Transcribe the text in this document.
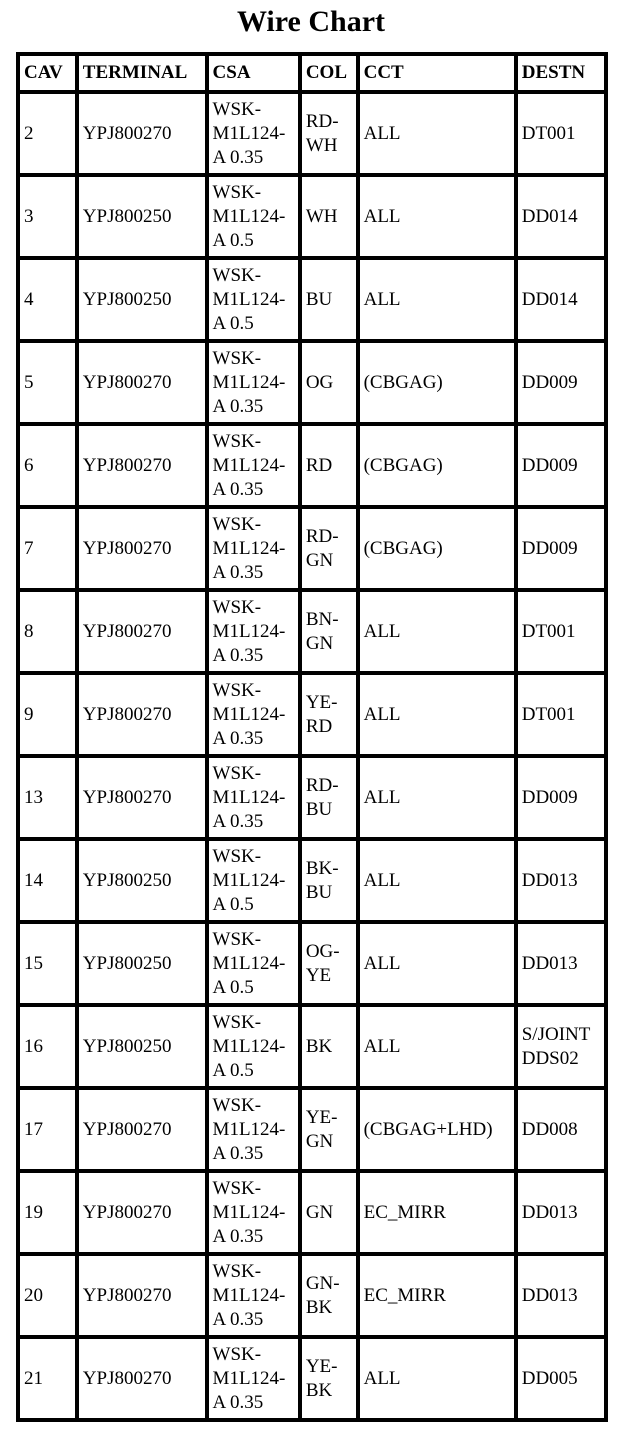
Wire Chart
CAV	TERMINAL	CSA	COL	CCT	DESTN
2	YPJ800270	WSK-
M1L124-
A 0.35	RD-
WH	ALL	DT001
3	YPJ800250	WSK-
M1L124-
A 0.5	WH	ALL	DD014
4	YPJ800250	WSK-
M1L124-
A 0.5	BU	ALL	DD014
5	YPJ800270	WSK-
M1L124-
A 0.35	OG	(CBGAG)	DD009
6	YPJ800270	WSK-
M1L124-
A 0.35	RD	(CBGAG)	DD009
7	YPJ800270	WSK-
M1L124-
A 0.35	RD-
GN	(CBGAG)	DD009
8	YPJ800270	WSK-
M1L124-
A 0.35	BN-
GN	ALL	DT001
9	YPJ800270	WSK-
M1L124-
A 0.35	YE-
RD	ALL	DT001
13	YPJ800270	WSK-
M1L124-
A 0.35	RD-
BU	ALL	DD009
14	YPJ800250	WSK-
M1L124-
A 0.5	BK-
BU	ALL	DD013
15	YPJ800250	WSK-
M1L124-
A 0.5	OG-
YE	ALL	DD013
16	YPJ800250	WSK-
M1L124-
A 0.5	BK	ALL	S/JOINT
DDS02
17	YPJ800270	WSK-
M1L124-
A 0.35	YE-
GN	(CBGAG+LHD)	DD008
19	YPJ800270	WSK-
M1L124-
A 0.35	GN	EC_MIRR	DD013
20	YPJ800270	WSK-
M1L124-
A 0.35	GN-
BK	EC_MIRR	DD013
21	YPJ800270	WSK-
M1L124-
A 0.35	YE-
BK	ALL	DD005
